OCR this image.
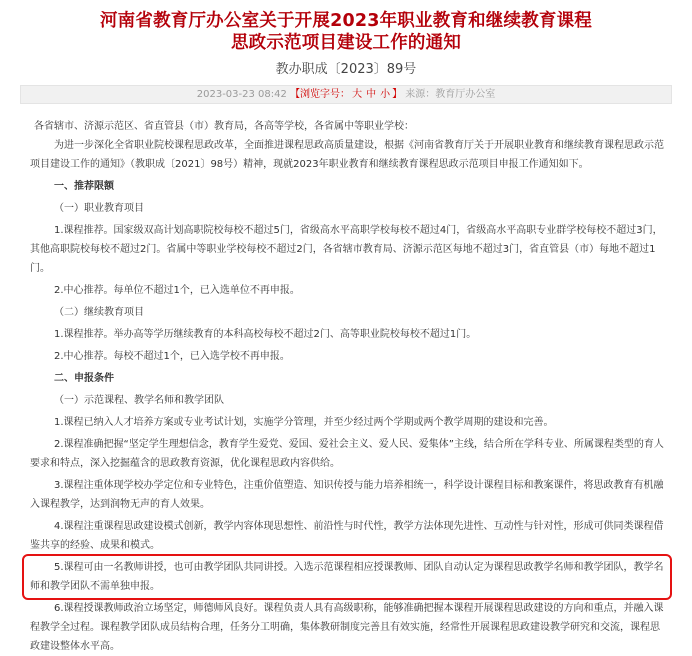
河南省教育厅办公室关于开展2023年职业教育和继续教育课程
思政示范项目建设工作的通知
教办职成〔2023〕89号
2023-03-23 08:42 【浏览字号： 大 中 小 】 来源：教育厅办公室

各省辖市、济源示范区、省直管县（市）教育局，各高等学校，各省属中等职业学校：

为进一步深化全省职业院校课程思政改革，全面推进课程思政高质量建设，根据《河南省教育厅关于开展职业教育和继续教育课程思政示范项目建设工作的通知》（教职成〔2021〕98号）精神，现就2023年职业教育和继续教育课程思政示范项目申报工作通知如下。

一、推荐限额

（一）职业教育项目

1.课程推荐。国家级双高计划高职院校每校不超过5门，省级高水平高职学校每校不超过4门，省级高水平高职专业群学校每校不超过3门，其他高职院校每校不超过2门。省属中等职业学校每校不超过2门，各省辖市教育局、济源示范区每地不超过3门，省直管县（市）每地不超过1门。

2.中心推荐。每单位不超过1个，已入选单位不再申报。

（二）继续教育项目

1.课程推荐。举办高等学历继续教育的本科高校每校不超过2门、高等职业院校每校不超过1门。

2.中心推荐。每校不超过1个，已入选学校不再申报。

二、申报条件

（一）示范课程、教学名师和教学团队

1.课程已纳入人才培养方案或专业考试计划，实施学分管理，并至少经过两个学期或两个教学周期的建设和完善。

2.课程准确把握“坚定学生理想信念，教育学生爱党、爱国、爱社会主义、爱人民、爱集体”主线，结合所在学科专业、所属课程类型的育人要求和特点，深入挖掘蕴含的思政教育资源，优化课程思政内容供给。

3.课程注重体现学校办学定位和专业特色，注重价值塑造、知识传授与能力培养相统一，科学设计课程目标和教案课件，将思政教育有机融入课程教学，达到润物无声的育人效果。

4.课程注重课程思政建设模式创新，教学内容体现思想性、前沿性与时代性，教学方法体现先进性、互动性与针对性，形成可供同类课程借鉴共享的经验、成果和模式。

5.课程可由一名教师讲授，也可由教学团队共同讲授。入选示范课程相应授课教师、团队自动认定为课程思政教学名师和教学团队，教学名师和教学团队不需单独申报。

6.课程授课教师政治立场坚定，师德师风良好。课程负责人具有高级职称，能够准确把握本课程开展课程思政建设的方向和重点，并融入课程教学全过程。课程教学团队成员结构合理，任务分工明确，集体教研制度完善且有效实施，经常性开展课程思政建设教学研究和交流，课程思政建设整体水平高。
